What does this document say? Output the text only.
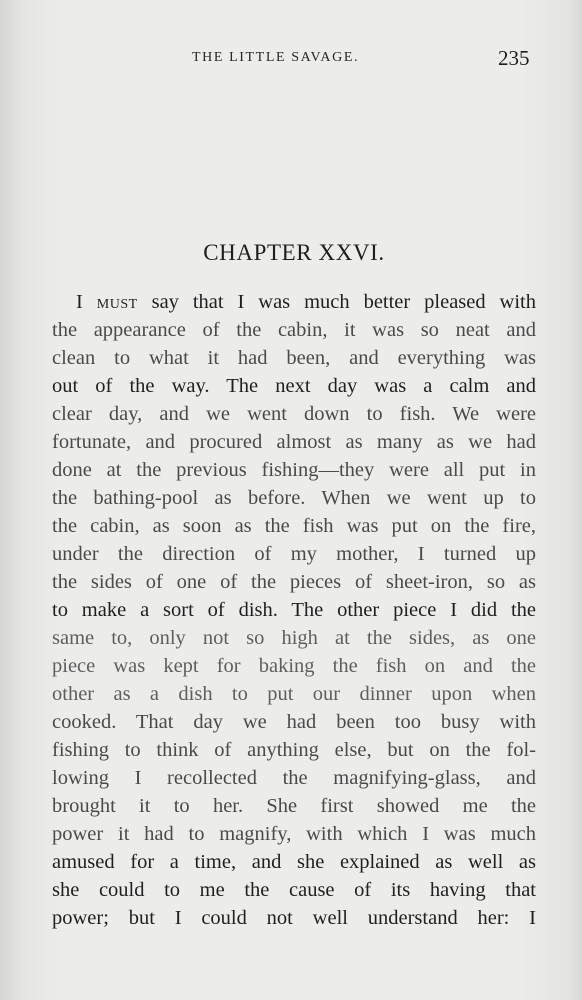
THE LITTLE SAVAGE.	235
CHAPTER XXVI.
I must say that I was much better pleased with
the appearance of the cabin, it was so neat and
clean to what it had been, and everything was
out of the way. The next day was a calm and
clear day, and we went down to fish. We were
fortunate, and procured almost as many as we had
done at the previous fishing—they were all put in
the bathing-pool as before. When we went up to
the cabin, as soon as the fish was put on the fire,
under the direction of my mother, I turned up
the sides of one of the pieces of sheet-iron, so as
to make a sort of dish. The other piece I did the
same to, only not so high at the sides, as one
piece was kept for baking the fish on and the
other as a dish to put our dinner upon when
cooked. That day we had been too busy with
fishing to think of anything else, but on the fol-
lowing I recollected the magnifying-glass, and
brought it to her. She first showed me the
power it had to magnify, with which I was much
amused for a time, and she explained as well as
she could to me the cause of its having that
power; but I could not well understand her: I
